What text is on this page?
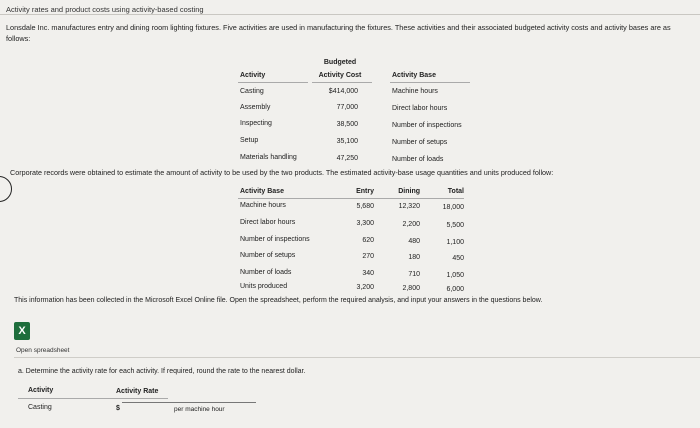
Activity rates and product costs using activity-based costing
Lonsdale Inc. manufactures entry and dining room lighting fixtures. Five activities are used in manufacturing the fixtures. These activities and their associated budgeted activity costs and activity bases are as follows:
Budgeted
Activity	Activity Cost	Activity Base
Casting	$414,000	Machine hours
Assembly	77,000	Direct labor hours
Inspecting	38,500	Number of inspections
Setup	35,100	Number of setups
Materials handling	47,250	Number of loads
Corporate records were obtained to estimate the amount of activity to be used by the two products. The estimated activity-base usage quantities and units produced follow:
Activity Base	Entry	Dining	Total
Machine hours	5,680	12,320	18,000
Direct labor hours	3,300	2,200	5,500
Number of inspections	620	480	1,100
Number of setups	270	180	450
Number of loads	340	710	1,050
Units produced	3,200	2,800	6,000
This information has been collected in the Microsoft Excel Online file. Open the spreadsheet, perform the required analysis, and input your answers in the questions below.
X
Open spreadsheet
a. Determine the activity rate for each activity. If required, round the rate to the nearest dollar.
Activity	Activity Rate
Casting	$	per machine hour
